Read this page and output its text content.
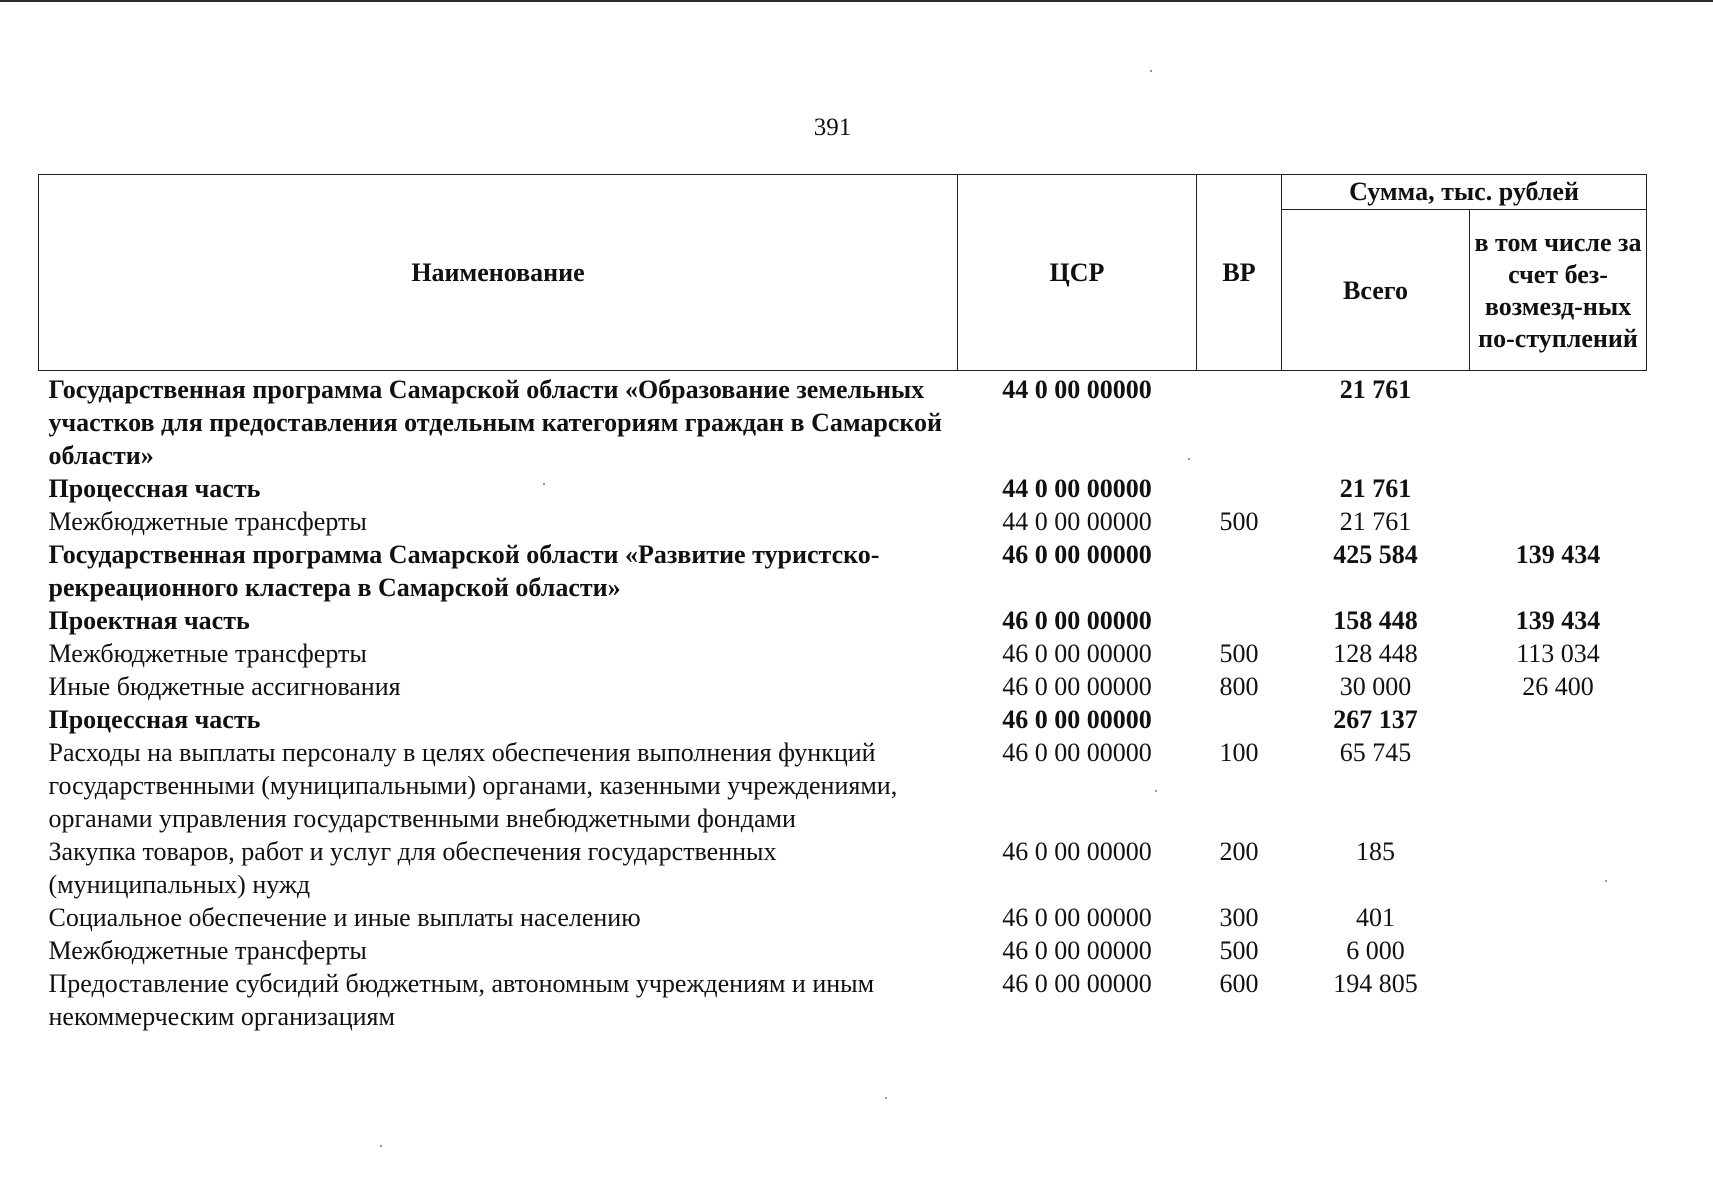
391
Наименование	ЦСР	ВР	Сумма, тыс. рублей	
			Всего	в том числе за счет без-возмезд-ных по-ступлений
Государственная программа Самарской области «Образование земельных участков для предоставления отдельным категориям граждан в Самарской области»	44 0 00 00000		21 761	
Процессная часть	44 0 00 00000		21 761	
Межбюджетные трансферты	44 0 00 00000	500	21 761	
Государственная программа Самарской области «Развитие туристско-рекреационного кластера в Самарской области»	46 0 00 00000		425 584	139 434
Проектная часть	46 0 00 00000		158 448	139 434
Межбюджетные трансферты	46 0 00 00000	500	128 448	113 034
Иные бюджетные ассигнования	46 0 00 00000	800	30 000	26 400
Процессная часть	46 0 00 00000		267 137	
Расходы на выплаты персоналу в целях обеспечения выполнения функций государственными (муниципальными) органами, казенными учреждениями, органами управления государственными внебюджетными фондами	46 0 00 00000	100	65 745	
Закупка товаров, работ и услуг для обеспечения государственных (муниципальных) нужд	46 0 00 00000	200	185	
Социальное обеспечение и иные выплаты населению	46 0 00 00000	300	401	
Межбюджетные трансферты	46 0 00 00000	500	6 000	
Предоставление субсидий бюджетным, автономным учреждениям и иным некоммерческим организациям	46 0 00 00000	600	194 805	
